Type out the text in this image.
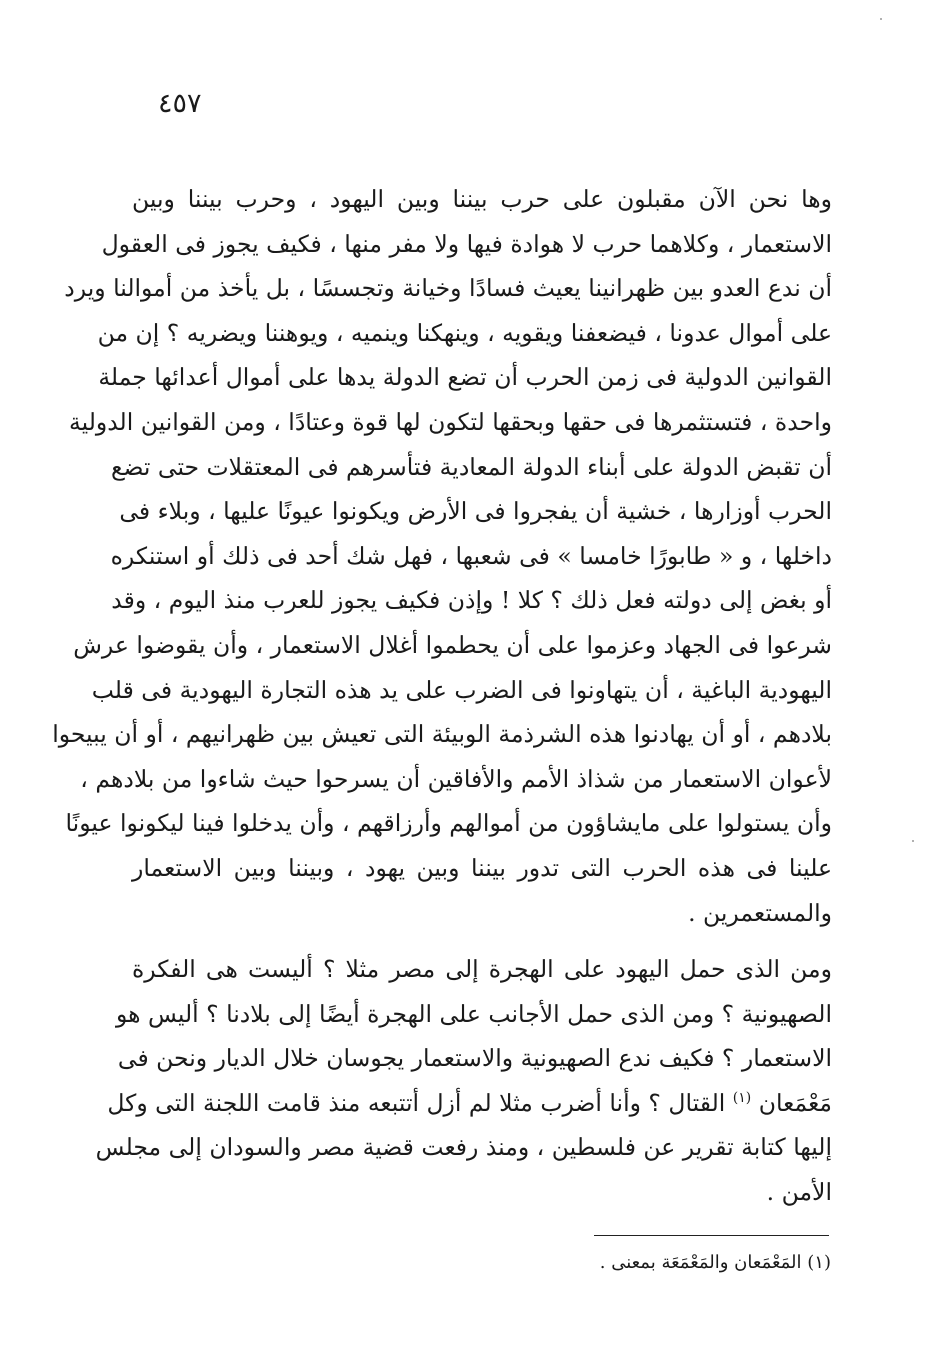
٤٥٧
وها نحن الآن مقبلون على حرب بيننا وبين اليهود ، وحرب بيننا وبين
الاستعمار ، وكلاهما حرب لا هوادة فيها ولا مفر منها ، فكيف يجوز فى العقول
أن ندع العدو بين ظهرانينا يعيث فسادًا وخيانة وتجسسًا ، بل يأخذ من أموالنا ويرد
على أموال عدونا ، فيضعفنا ويقويه ، وينهكنا وينميه ، ويوهننا ويضريه ؟ إن من
القوانين الدولية فى زمن الحرب أن تضع الدولة يدها على أموال أعدائها جملة
واحدة ، فتستثمرها فى حقها وبحقها لتكون لها قوة وعتادًا ، ومن القوانين الدولية
أن تقبض الدولة على أبناء الدولة المعادية فتأسرهم فى المعتقلات حتى تضع
الحرب أوزارها ، خشية أن يفجروا فى الأرض ويكونوا عيونًا عليها ، وبلاء فى
داخلها ، و « طابورًا خامسا » فى شعبها ، فهل شك أحد فى ذلك أو استنكره
أو بغض إلى دولته فعل ذلك ؟ كلا ! وإذن فكيف يجوز للعرب منذ اليوم ، وقد
شرعوا فى الجهاد وعزموا على أن يحطموا أغلال الاستعمار ، وأن يقوضوا عرش
اليهودية الباغية ، أن يتهاونوا فى الضرب على يد هذه التجارة اليهودية فى قلب
بلادهم ، أو أن يهادنوا هذه الشرذمة الوبيئة التى تعيش بين ظهرانيهم ، أو أن يبيحوا
لأعوان الاستعمار من شذاذ الأمم والأفاقين أن يسرحوا حيث شاءوا من بلادهم ،
وأن يستولوا على مايشاؤون من أموالهم وأرزاقهم ، وأن يدخلوا فينا ليكونوا عيونًا
علينا فى هذه الحرب التى تدور بيننا وبين يهود ، وبيننا وبين الاستعمار
والمستعمرين .
ومن الذى حمل اليهود على الهجرة إلى مصر مثلا ؟ أليست هى الفكرة
الصهيونية ؟ ومن الذى حمل الأجانب على الهجرة أيضًا إلى بلادنا ؟ أليس هو
الاستعمار ؟ فكيف ندع الصهيونية والاستعمار يجوسان خلال الديار ونحن فى
مَعْمَعان $^{(١)}$ القتال ؟ وأنا أضرب مثلا لم أزل أتتبعه منذ قامت اللجنة التى وكل
إليها كتابة تقرير عن فلسطين ، ومنذ رفعت قضية مصر والسودان إلى مجلس
الأمن .
(١) المَعْمَعان والمَعْمَعَة بمعنى .
